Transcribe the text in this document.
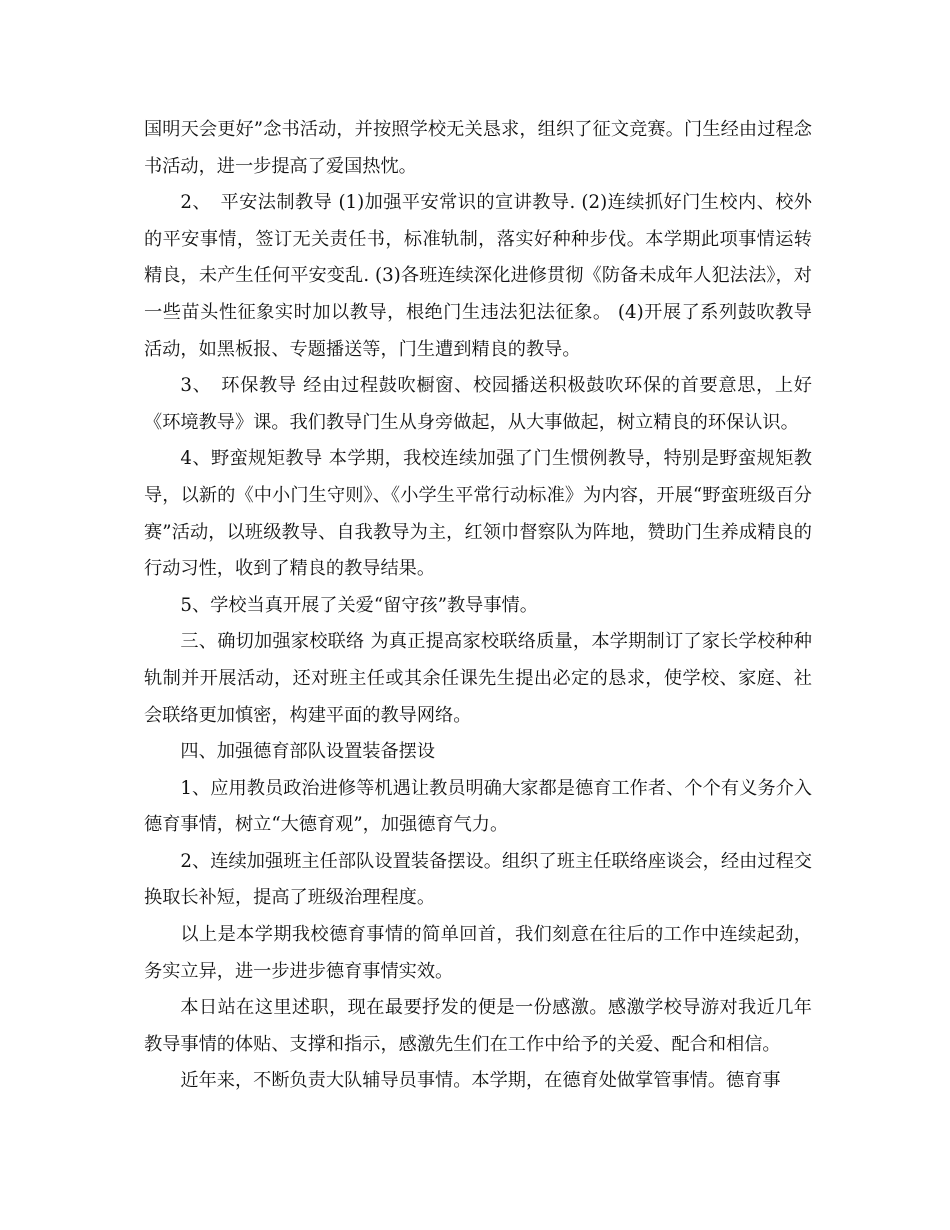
国明天会更好”念书活动，并按照学校无关恳求，组织了征文竞赛。门生经由过程念书活动，进一步提高了爱国热忱。

2、　平安法制教导 (1)加强平安常识的宣讲教导. (2)连续抓好门生校内、校外的平安事情，签订无关责任书，标准轨制，落实好种种步伐。本学期此项事情运转精良，未产生任何平安变乱. (3)各班连续深化进修贯彻《防备未成年人犯法法》，对一些苗头性征象实时加以教导，根绝门生违法犯法征象。 (4)开展了系列鼓吹教导活动，如黑板报、专题播送等，门生遭到精良的教导。

3、　环保教导 经由过程鼓吹橱窗、校园播送积极鼓吹环保的首要意思，上好《环境教导》课。我们教导门生从身旁做起，从大事做起，树立精良的环保认识。

4、野蛮规矩教导 本学期，我校连续加强了门生惯例教导，特别是野蛮规矩教导，以新的《中小门生守则》、《小学生平常行动标准》为内容，开展“野蛮班级百分赛”活动，以班级教导、自我教导为主，红领巾督察队为阵地，赞助门生养成精良的行动习性，收到了精良的教导结果。

5、学校当真开展了关爱“留守孩”教导事情。

三、确切加强家校联络 为真正提高家校联络质量，本学期制订了家长学校种种轨制并开展活动，还对班主任或其余任课先生提出必定的恳求，使学校、家庭、社会联络更加慎密，构建平面的教导网络。

四、加强德育部队设置装备摆设

1、应用教员政治进修等机遇让教员明确大家都是德育工作者、个个有义务介入德育事情，树立“大德育观”，加强德育气力。

2、连续加强班主任部队设置装备摆设。组织了班主任联络座谈会，经由过程交换取长补短，提高了班级治理程度。

以上是本学期我校德育事情的简单回首，我们刻意在往后的工作中连续起劲，务实立异，进一步进步德育事情实效。

本日站在这里述职，现在最要抒发的便是一份感激。感激学校导游对我近几年教导事情的体贴、支撑和指示，感激先生们在工作中给予的关爱、配合和相信。

近年来，不断负责大队辅导员事情。本学期，在德育处做掌管事情。德育事
